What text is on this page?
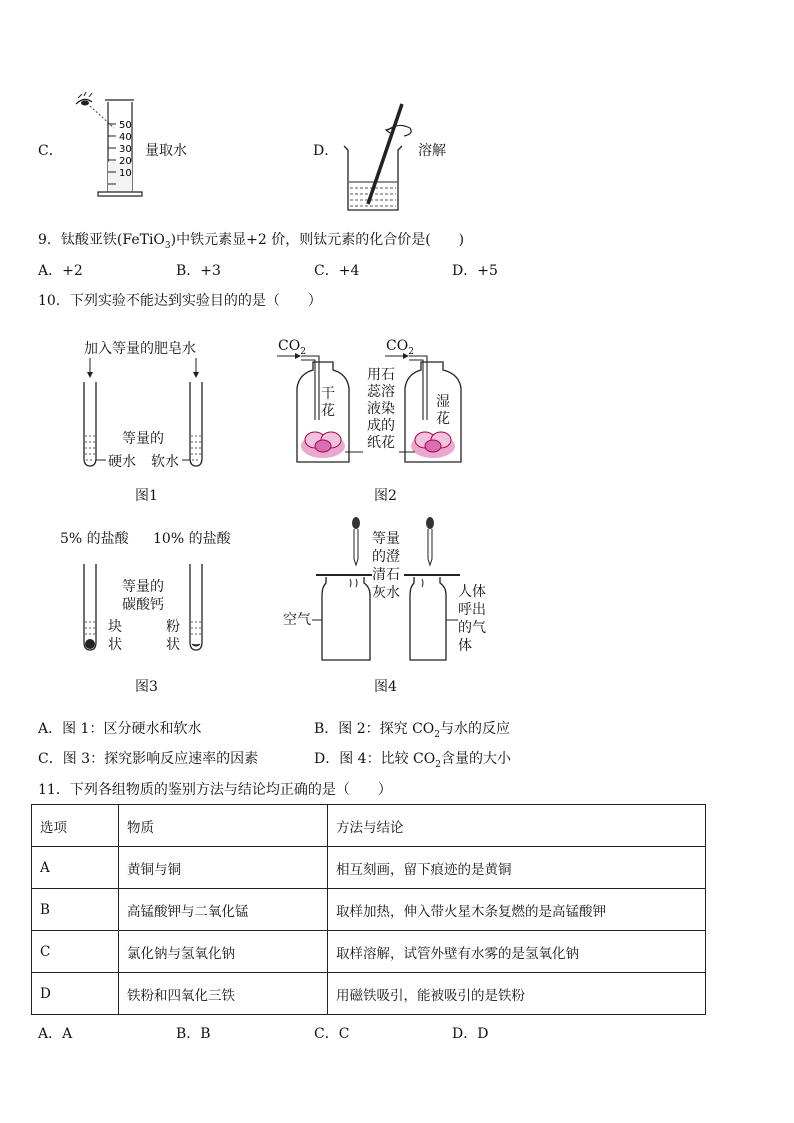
C．
50
40
30
20
10
量取水	D．	溶解
9．钛酸亚铁(FeTiO$_3$)中铁元素显+2 价，则钛元素的化合价是(　　)
A．+2	B．+3	C．+4	D．+5
10．下列实验不能达到实验目的的是（　　）
加入等量的肥皂水
等量的
硬水 软水
图1
$CO_2$	$CO_2$
干
花
湿
花
用石
蕊溶
液染
成的
纸花
图2
5% 的盐酸 10% 的盐酸
等量的
碳酸钙
块
状
粉
状
图3
等量
的澄
清石
灰水
空气
人体
呼出
的气
体
图4
A．图 1：区分硬水和软水	B．图 2：探究 $CO_2$与水的反应
C．图 3：探究影响反应速率的因素	D．图 4：比较 $CO_2$含量的大小
11．下列各组物质的鉴别方法与结论均正确的是（　　）
选项	物质	方法与结论
A	黄铜与铜	相互刻画，留下痕迹的是黄铜
B	高锰酸钾与二氧化锰	取样加热，伸入带火星木条复燃的是高锰酸钾
C	氯化钠与氢氧化钠	取样溶解，试管外壁有水雾的是氢氧化钠
D	铁粉和四氧化三铁	用磁铁吸引，能被吸引的是铁粉
A．A	B．B	C．C	D．D
